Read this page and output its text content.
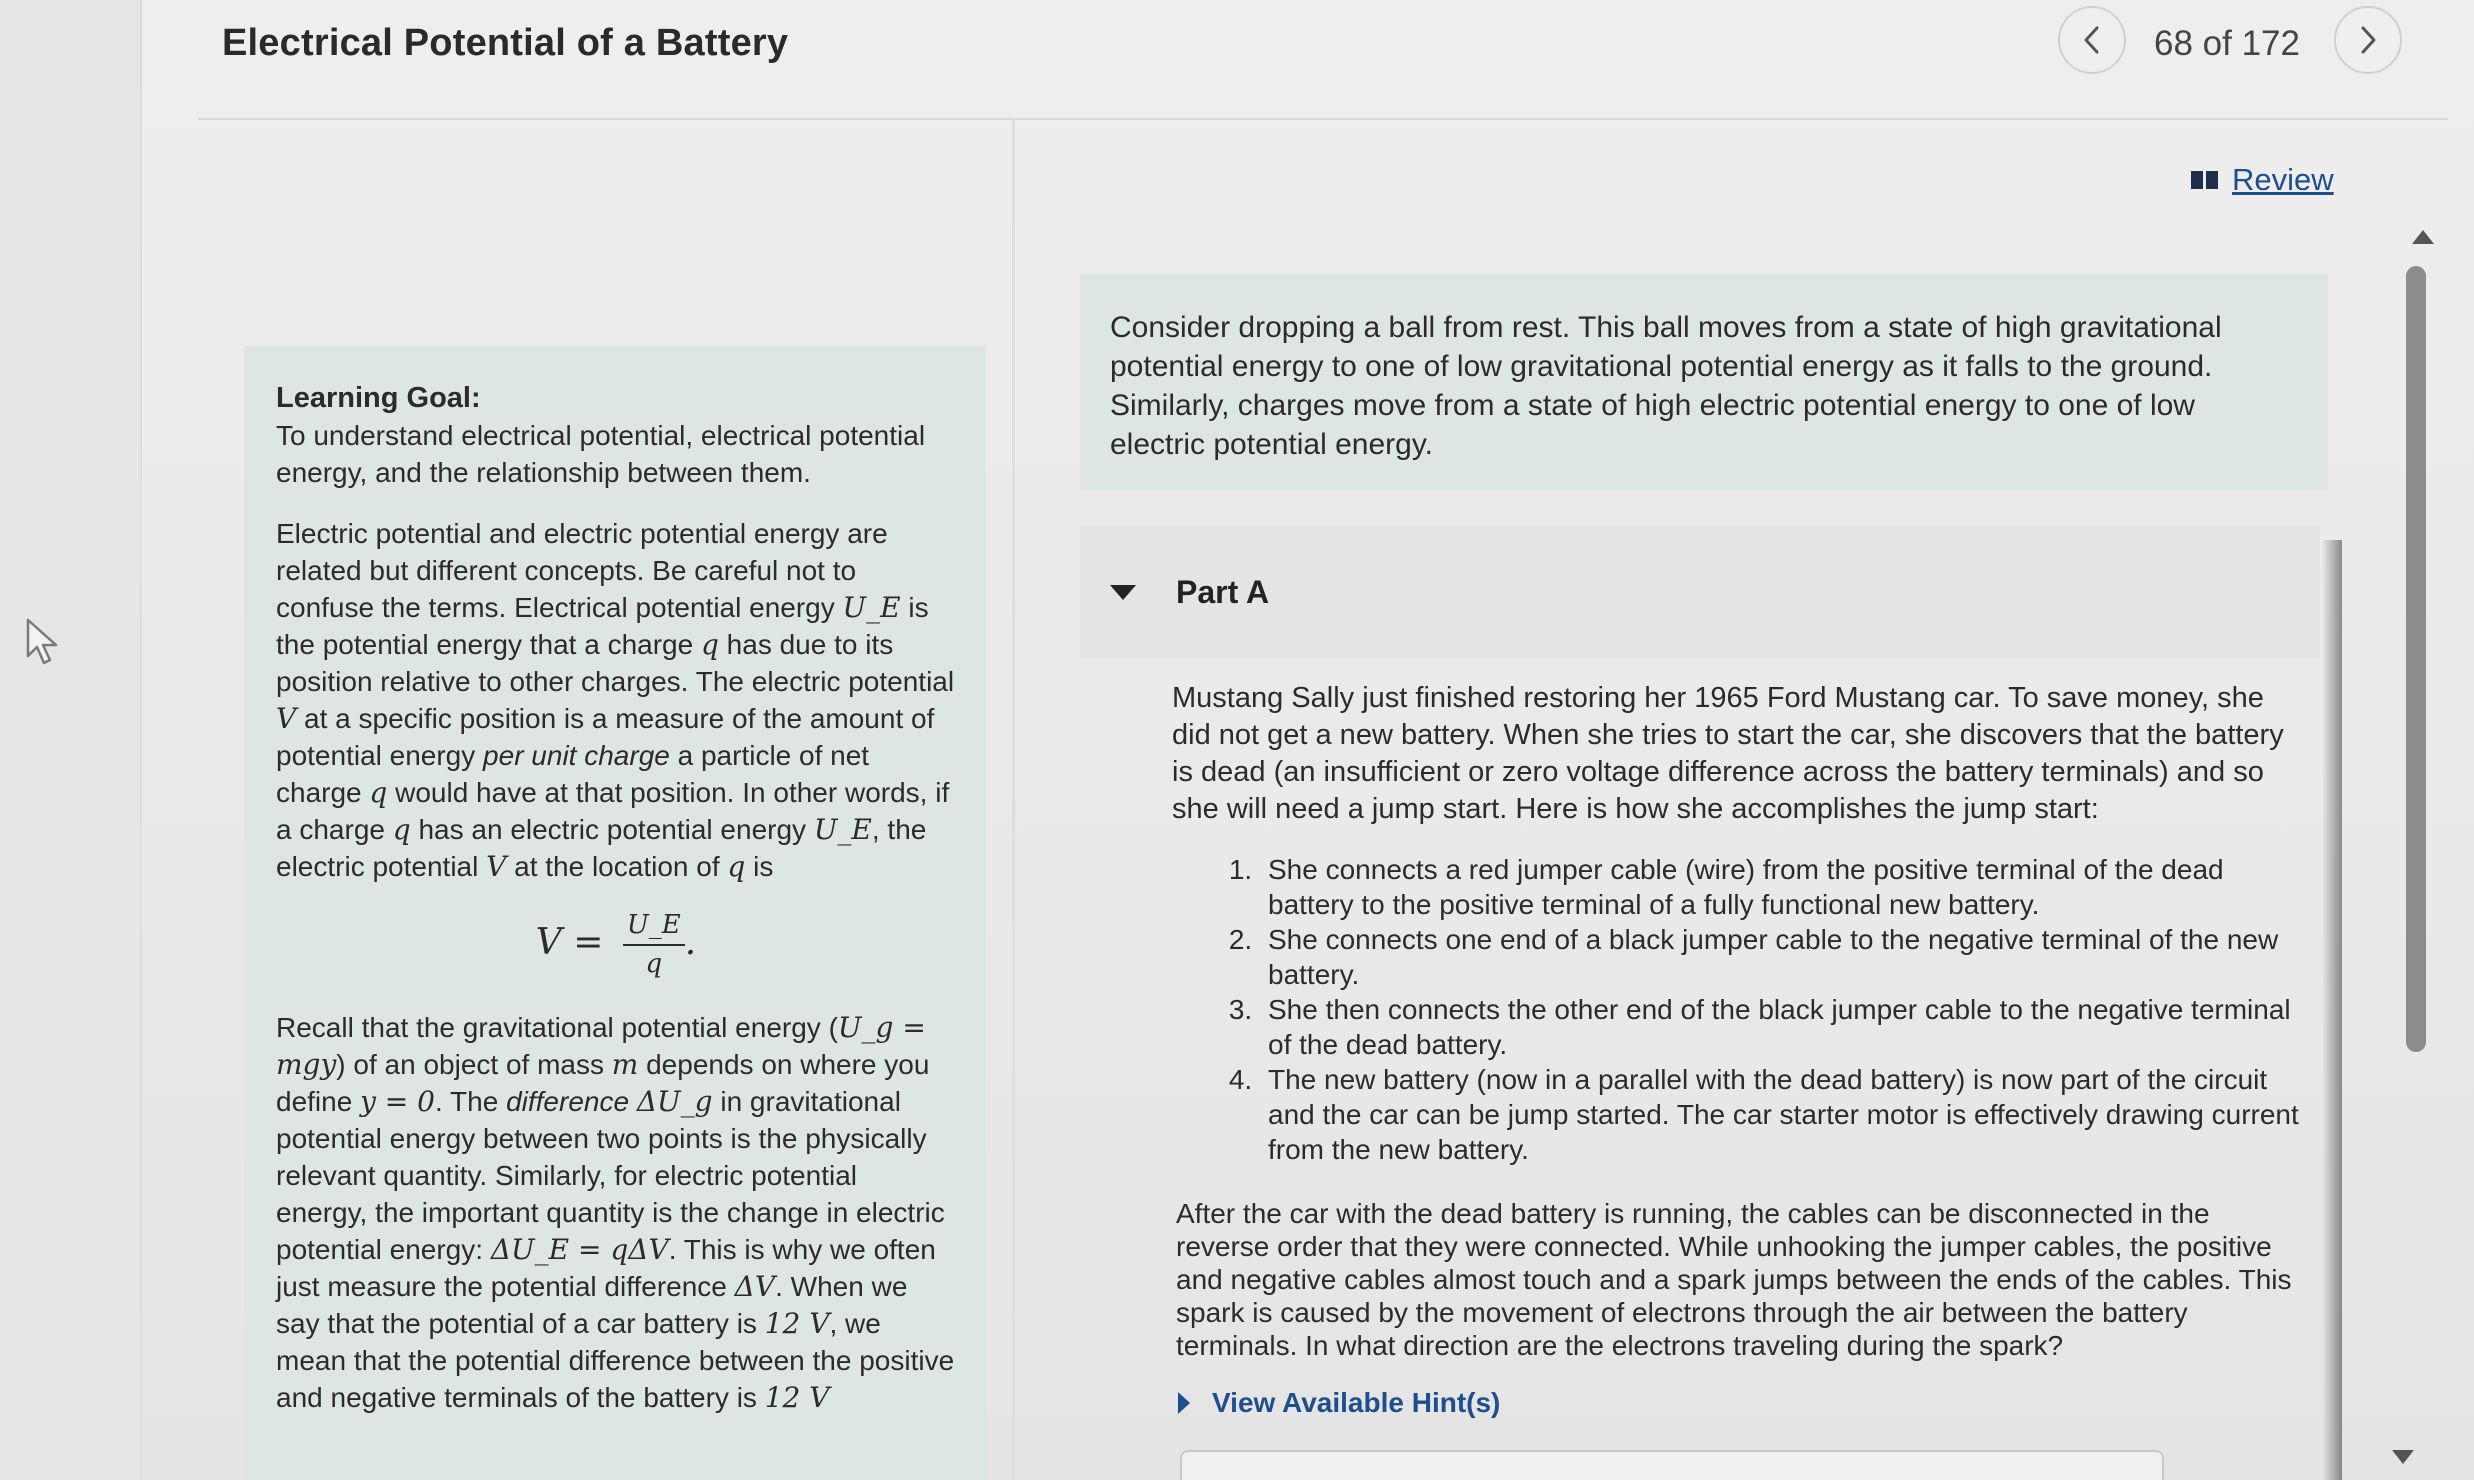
Electrical Potential of a Battery	68 of 172
Learning Goal:

To understand electrical potential, electrical potential energy, and the relationship between them.

Electric potential and electric potential energy are related but different concepts. Be careful not to confuse the terms. Electrical potential energy U_E is the potential energy that a charge q has due to its position relative to other charges. The electric potential V at a specific position is a measure of the amount of potential energy per unit charge a particle of net charge q would have at that position. In other words, if a charge q has an electric potential energy U_E, the electric potential V at the location of q is

$V = \frac{U\_E}{q}$ .

Recall that the gravitational potential energy (U_g = mgy) of an object of mass m depends on where you define y = 0. The difference ΔU_g in gravitational potential energy between two points is the physically relevant quantity. Similarly, for electric potential energy, the important quantity is the change in electric potential energy: ΔU_E = qΔV. This is why we often just measure the potential difference ΔV. When we say that the potential of a car battery is 12 V, we mean that the potential difference between the positive and negative terminals of the battery is 12 V

Review
Consider dropping a ball from rest. This ball moves from a state of high gravitational potential energy to one of low gravitational potential energy as it falls to the ground. Similarly, charges move from a state of high electric potential energy to one of low electric potential energy.
Part A

Mustang Sally just finished restoring her 1965 Ford Mustang car. To save money, she did not get a new battery. When she tries to start the car, she discovers that the battery is dead (an insufficient or zero voltage difference across the battery terminals) and so she will need a jump start. Here is how she accomplishes the jump start:

1. She connects a red jumper cable (wire) from the positive terminal of the dead battery to the positive terminal of a fully functional new battery.
2. She connects one end of a black jumper cable to the negative terminal of the new battery.
3. She then connects the other end of the black jumper cable to the negative terminal of the dead battery.
4. The new battery (now in a parallel with the dead battery) is now part of the circuit and the car can be jump started. The car starter motor is effectively drawing current from the new battery.
After the car with the dead battery is running, the cables can be disconnected in the reverse order that they were connected. While unhooking the jumper cables, the positive and negative cables almost touch and a spark jumps between the ends of the cables. This spark is caused by the movement of electrons through the air between the battery terminals. In what direction are the electrons traveling during the spark?
View Available Hint(s)
